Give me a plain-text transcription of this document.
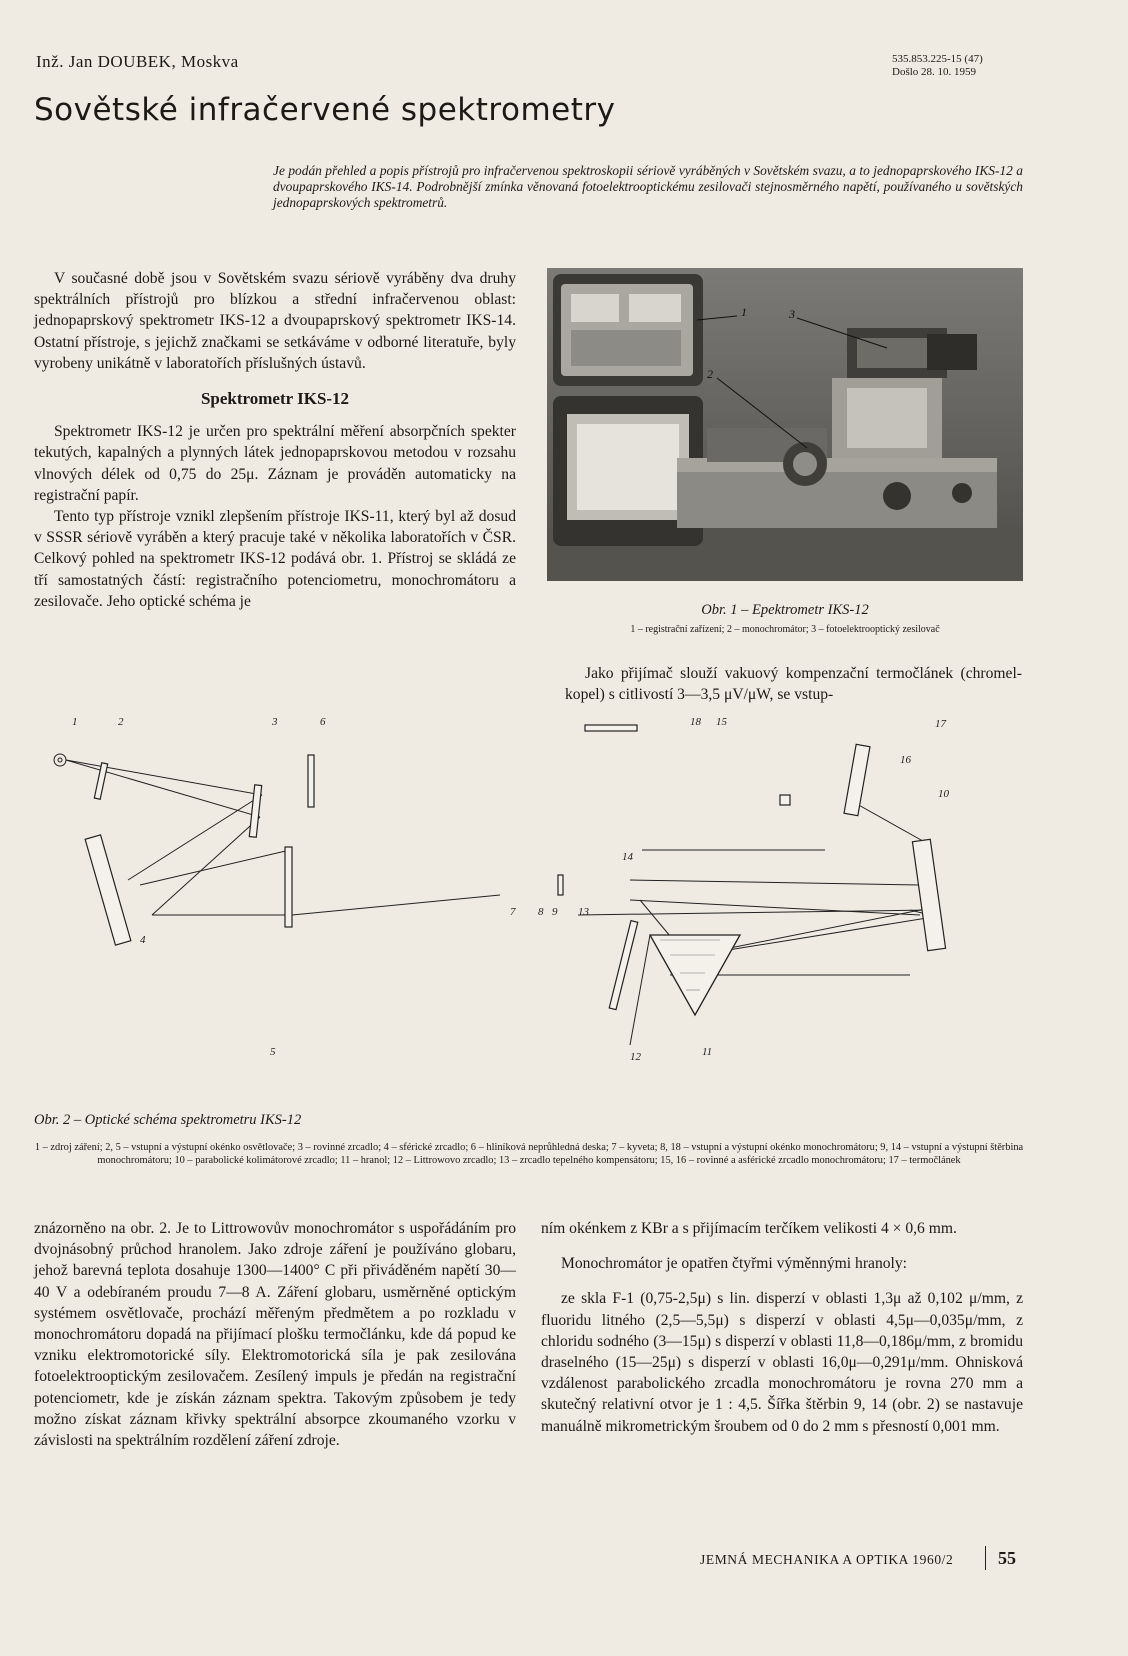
Inž. Jan DOUBEK, Moskva	535.853.225-15 (47)
Došlo 28. 10. 1959
Sovětské infračervené spektrometry
Je podán přehled a popis přístrojů pro infračervenou spektroskopii sériově vyráběných v Sovětském svazu, a to jednopaprskového IKS-12 a dvoupaprskového IKS-14. Podrobnější zmínka věnovaná fotoelektrooptickému zesilovači stejnosměrného napětí, používaného u sovětských jednopaprskových spektrometrů.

V současné době jsou v Sovětském svazu sériově vyráběny dva druhy spektrálních přístrojů pro blízkou a střední infračervenou oblast: jednopaprskový spektrometr IKS-12 a dvoupaprskový spektrometr IKS-14. Ostatní přístroje, s jejichž značkami se setkáváme v odborné literatuře, byly vyrobeny unikátně v laboratořích příslušných ústavů.

Spektrometr IKS-12

Spektrometr IKS-12 je určen pro spektrální měření absorpčních spekter tekutých, kapalných a plynných látek jednopaprskovou metodou v rozsahu vlnových délek od 0,75 do 25μ. Záznam je prováděn automaticky na registrační papír.

Tento typ přístroje vznikl zlepšením přístroje IKS-11, který byl až dosud v SSSR sériově vyráběn a který pracuje také v několika laboratořích v ČSR. Celkový pohled na spektrometr IKS-12 podává obr. 1. Přístroj se skládá ze tří samostatných částí: registračního potenciometru, monochromátoru a zesilovače. Jeho optické schéma je

1
2
3
Obr. 1 – Epektrometr IKS-12
1 – registrační zařízení; 2 – monochromátor; 3 – fotoelektrooptický zesilovač

Jako přijímač slouží vakuový kompenzační termočlánek (chromel-kopel) s citlivostí 3—3,5 μV/μW, se vstup-

1	2	3
4
5
6
7 8 9
10
11
12
13
14
15
16
17
18
Obr. 2 – Optické schéma spektrometru IKS-12
1 – zdroj záření; 2, 5 – vstupní a výstupní okénko osvětlovače; 3 – rovinné zrcadlo; 4 – sférické zrcadlo; 6 – hliníková neprůhledná deska; 7 – kyveta; 8, 18 – vstupní a výstupní okénko monochromátoru; 9, 14 – vstupní a výstupní štěrbina monochromátoru; 10 – parabolické kolimátorové zrcadlo; 11 – hranol; 12 – Littrowovo zrcadlo; 13 – zrcadlo tepelného kompensátoru; 15, 16 – rovinné a asférické zrcadlo monochromátoru; 17 – termočlánek

znázorněno na obr. 2. Je to Littrowovův monochromátor s uspořádáním pro dvojnásobný průchod hranolem. Jako zdroje záření je používáno globaru, jehož barevná teplota dosahuje 1300—1400° C při přiváděném napětí 30—40 V a odebíraném proudu 7—8 A. Záření globaru, usměrněné optickým systémem osvětlovače, prochází měřeným předmětem a po rozkladu v monochromátoru dopadá na přijímací plošku termočlánku, kde dá popud ke vzniku elektromotorické síly. Elektromotorická síla je pak zesilována fotoelektrooptickým zesilovačem. Zesílený impuls je předán na registrační potenciometr, kde je získán záznam spektra. Takovým způsobem je tedy možno získat záznam křivky spektrální absorpce zkoumaného vzorku v závislosti na spektrálním rozdělení záření zdroje.

ním okénkem z KBr a s přijímacím terčíkem velikosti 4 × 0,6 mm.

Monochromátor je opatřen čtyřmi výměnnými hranoly:

ze skla F-1 (0,75-2,5μ) s lin. disperzí v oblasti 1,3μ až 0,102 μ/mm, z fluoridu litného (2,5—5,5μ) s disperzí v oblasti 4,5μ—0,035μ/mm, z chloridu sodného (3—15μ) s disperzí v oblasti 11,8—0,186μ/mm, z bromidu draselného (15—25μ) s disperzí v oblasti 16,0μ—0,291μ/mm. Ohnisková vzdálenost parabolického zrcadla monochromátoru je rovna 270 mm a skutečný relativní otvor je 1 : 4,5. Šířka štěrbin 9, 14 (obr. 2) se nastavuje manuálně mikrometrickým šroubem od 0 do 2 mm s přesností 0,001 mm.

JEMNÁ MECHANIKA A OPTIKA 1960/2 55
